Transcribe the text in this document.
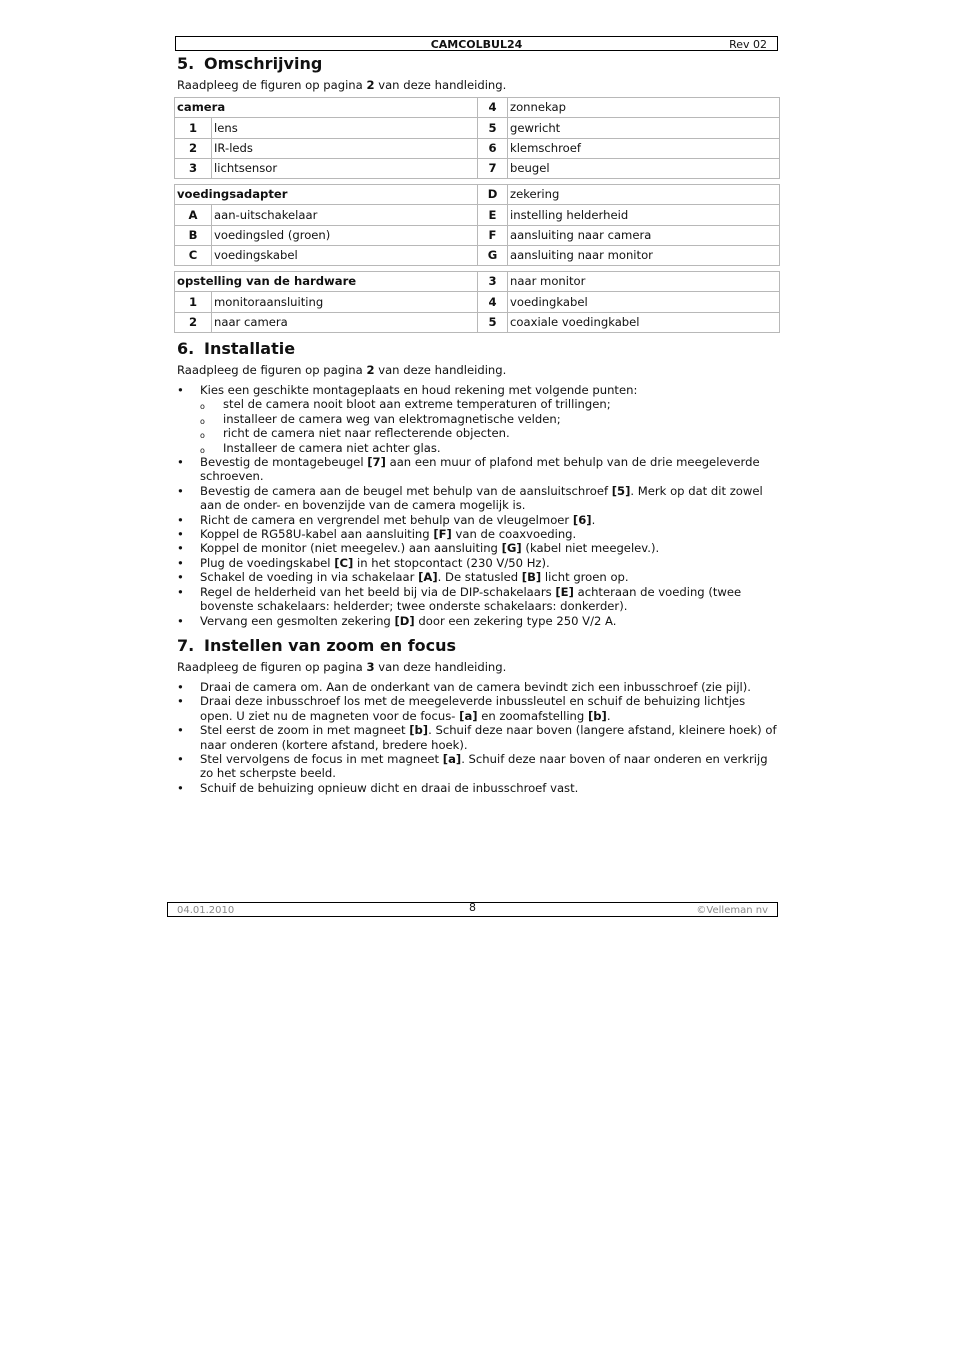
CAMCOLBUL24	Rev 02
5. Omschrijving

Raadpleeg de figuren op pagina 2 van deze handleiding.

camera		4	zonnekap
1	lens	5	gewricht
2	IR-leds	6	klemschroef
3	lichtsensor	7	beugel
voedingsadapter		D	zekering
A	aan-uitschakelaar	E	instelling helderheid
B	voedingsled (groen)	F	aansluiting naar camera
C	voedingskabel	G	aansluiting naar monitor
opstelling van de hardware		3	naar monitor
1	monitoraansluiting	4	voedingkabel
2	naar camera	5	coaxiale voedingkabel
6. Installatie

Raadpleeg de figuren op pagina 2 van deze handleiding.

• Kies een geschikte montageplaats en houd rekening met volgende punten:
o stel de camera nooit bloot aan extreme temperaturen of trillingen;
o installeer de camera weg van elektromagnetische velden;
o richt de camera niet naar reflecterende objecten.
o Installeer de camera niet achter glas.
• Bevestig de montagebeugel [7] aan een muur of plafond met behulp van de drie meegeleverde schroeven.
• Bevestig de camera aan de beugel met behulp van de aansluitschroef [5]. Merk op dat dit zowel aan de onder- en bovenzijde van de camera mogelijk is.
• Richt de camera en vergrendel met behulp van de vleugelmoer [6].
• Koppel de RG58U-kabel aan aansluiting [F] van de coaxvoeding.
• Koppel de monitor (niet meegelev.) aan aansluiting [G] (kabel niet meegelev.).
• Plug de voedingskabel [C] in het stopcontact (230 V/50 Hz).
• Schakel de voeding in via schakelaar [A]. De statusled [B] licht groen op.
• Regel de helderheid van het beeld bij via de DIP-schakelaars [E] achteraan de voeding (twee bovenste schakelaars: helderder; twee onderste schakelaars: donkerder).
• Vervang een gesmolten zekering [D] door een zekering type 250 V/2 A.
7. Instellen van zoom en focus

Raadpleeg de figuren op pagina 3 van deze handleiding.

• Draai de camera om. Aan de onderkant van de camera bevindt zich een inbusschroef (zie pijl).
• Draai deze inbusschroef los met de meegeleverde inbussleutel en schuif de behuizing lichtjes open. U ziet nu de magneten voor de focus- [a] en zoomafstelling [b].
• Stel eerst de zoom in met magneet [b]. Schuif deze naar boven (langere afstand, kleinere hoek) of naar onderen (kortere afstand, bredere hoek).
• Stel vervolgens de focus in met magneet [a]. Schuif deze naar boven of naar onderen en verkrijg zo het scherpste beeld.
• Schuif de behuizing opnieuw dicht en draai de inbusschroef vast.
04.01.2010	8	©Velleman nv
